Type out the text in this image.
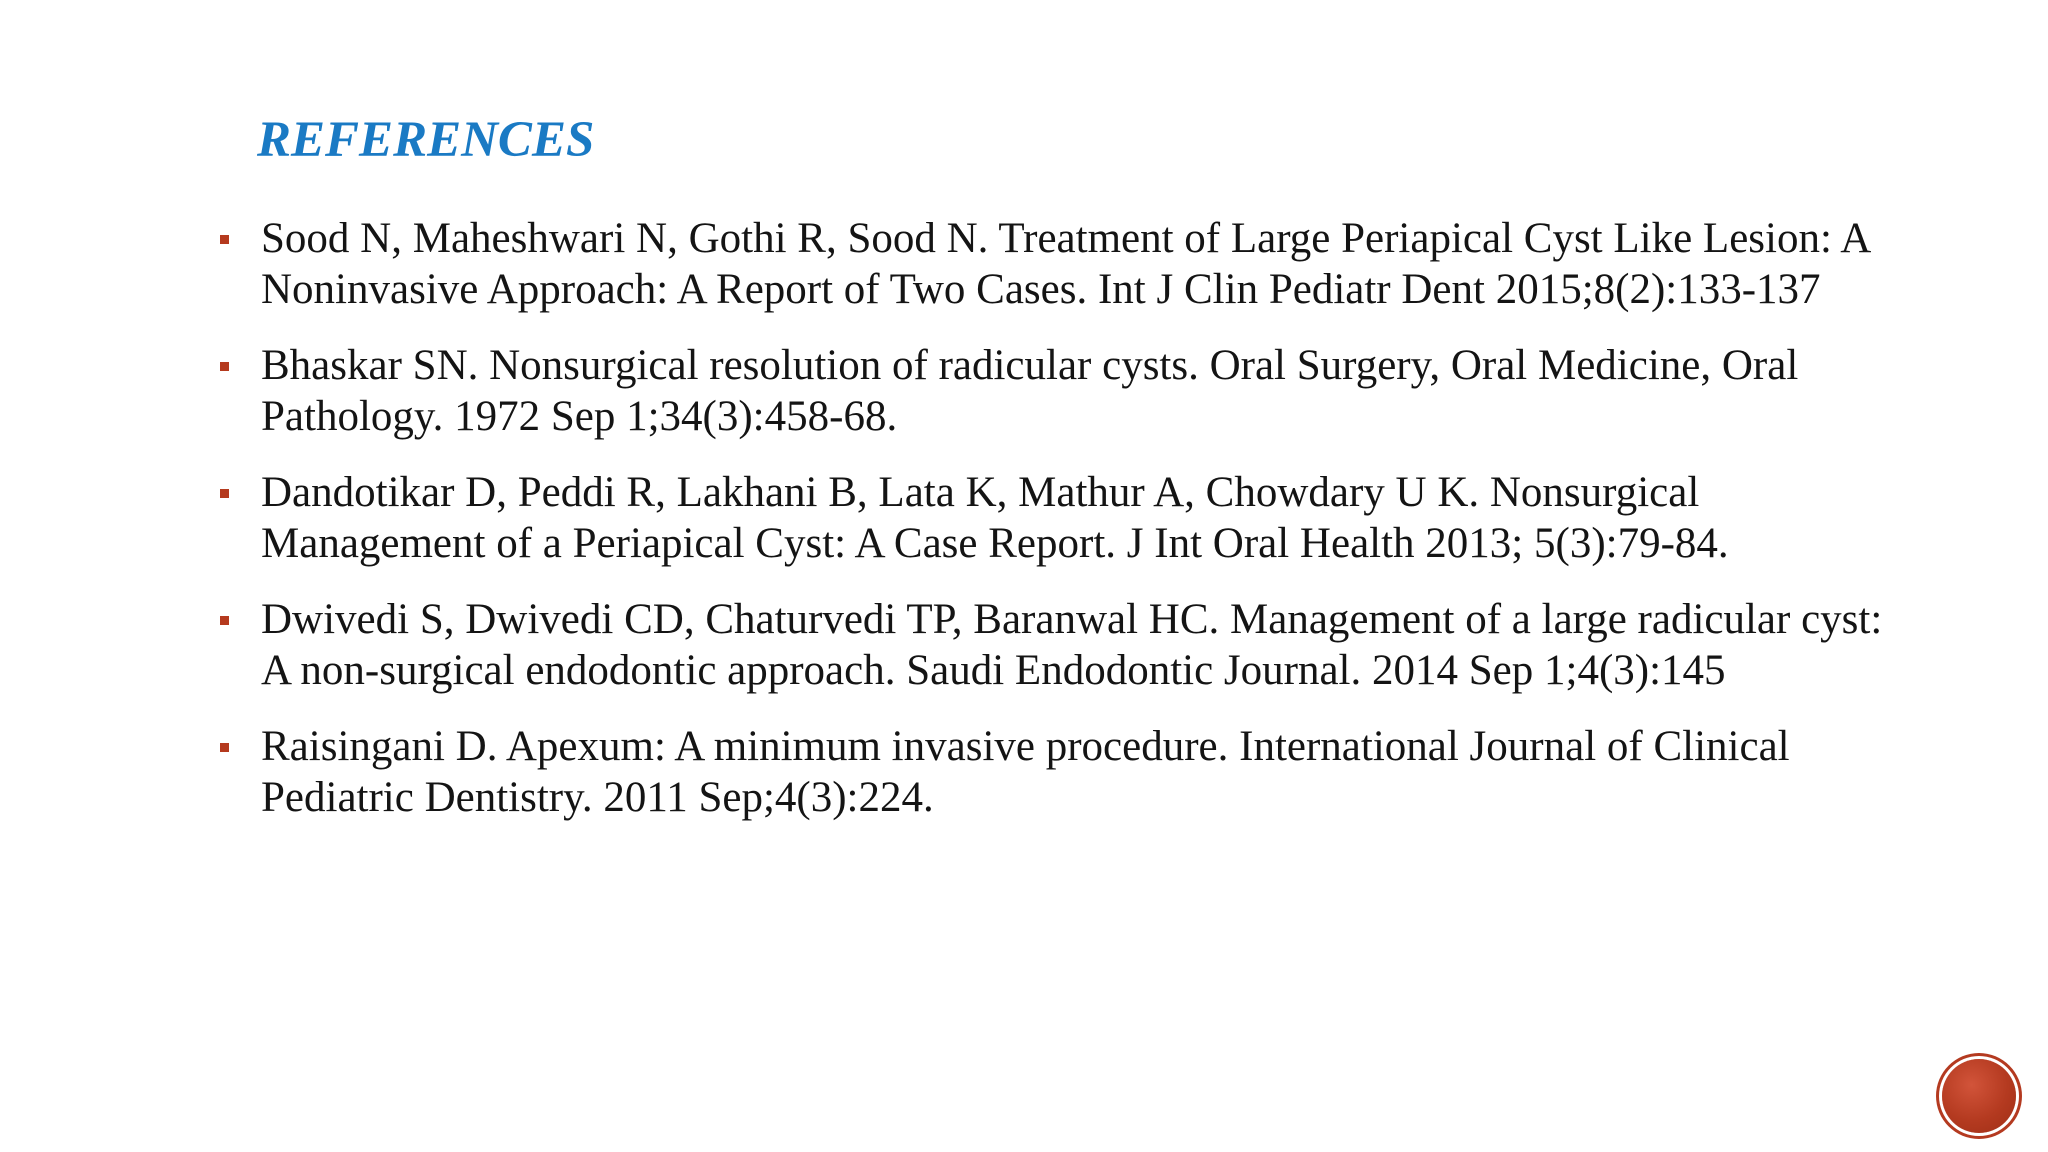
REFERENCES
Sood N, Maheshwari N, Gothi R, Sood N. Treatment of Large Periapical Cyst Like Lesion: A Noninvasive Approach: A Report of Two Cases. Int J Clin Pediatr Dent 2015;8(2):133-137
Bhaskar SN. Nonsurgical resolution of radicular cysts. Oral Surgery, Oral Medicine, Oral Pathology. 1972 Sep 1;34(3):458-68.
Dandotikar D, Peddi R, Lakhani B, Lata K, Mathur A, Chowdary U K. Nonsurgical Management of a Periapical Cyst: A Case Report. J Int Oral Health 2013; 5(3):79-84.
Dwivedi S, Dwivedi CD, Chaturvedi TP, Baranwal HC. Management of a large radicular cyst: A non-surgical endodontic approach. Saudi Endodontic Journal. 2014 Sep 1;4(3):145
Raisingani D. Apexum: A minimum invasive procedure. International Journal of Clinical Pediatric Dentistry. 2011 Sep;4(3):224.
